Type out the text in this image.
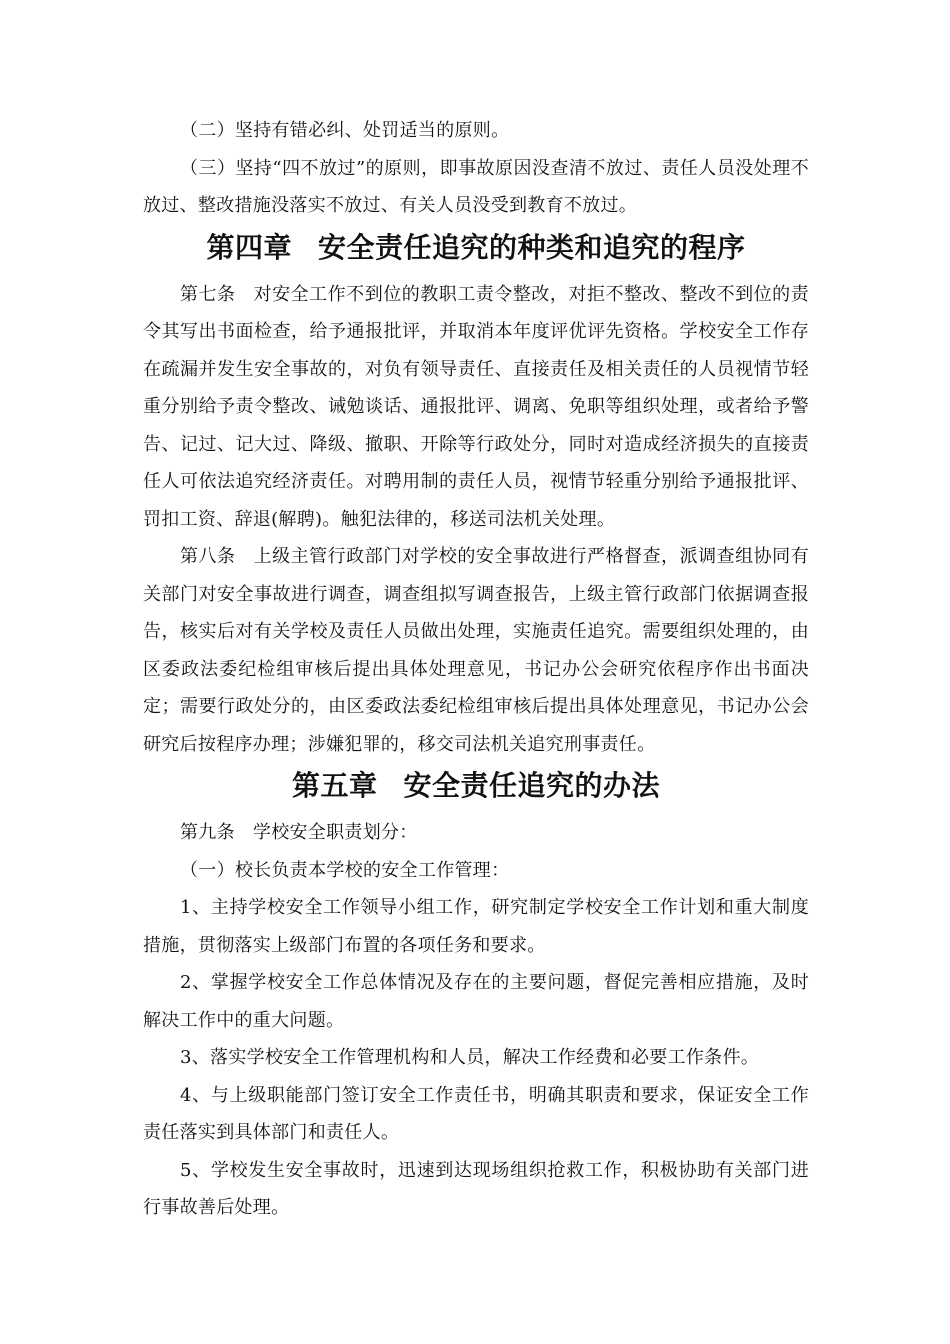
（二）坚持有错必纠、处罚适当的原则。

（三）坚持“四不放过”的原则，即事故原因没查清不放过、责任人员没处理不放过、整改措施没落实不放过、有关人员没受到教育不放过。

第四章 安全责任追究的种类和追究的程序

第七条 对安全工作不到位的教职工责令整改，对拒不整改、整改不到位的责令其写出书面检查，给予通报批评，并取消本年度评优评先资格。学校安全工作存在疏漏并发生安全事故的，对负有领导责任、直接责任及相关责任的人员视情节轻重分别给予责令整改、诫勉谈话、通报批评、调离、免职等组织处理，或者给予警告、记过、记大过、降级、撤职、开除等行政处分，同时对造成经济损失的直接责任人可依法追究经济责任。对聘用制的责任人员，视情节轻重分别给予通报批评、罚扣工资、辞退(解聘)。触犯法律的，移送司法机关处理。

第八条 上级主管行政部门对学校的安全事故进行严格督查，派调查组协同有关部门对安全事故进行调查，调查组拟写调查报告，上级主管行政部门依据调查报告，核实后对有关学校及责任人员做出处理，实施责任追究。需要组织处理的，由区委政法委纪检组审核后提出具体处理意见，书记办公会研究依程序作出书面决定；需要行政处分的，由区委政法委纪检组审核后提出具体处理意见，书记办公会研究后按程序办理；涉嫌犯罪的，移交司法机关追究刑事责任。

第五章 安全责任追究的办法

第九条 学校安全职责划分：

（一）校长负责本学校的安全工作管理：

1、主持学校安全工作领导小组工作，研究制定学校安全工作计划和重大制度措施，贯彻落实上级部门布置的各项任务和要求。

2、掌握学校安全工作总体情况及存在的主要问题，督促完善相应措施，及时解决工作中的重大问题。

3、落实学校安全工作管理机构和人员，解决工作经费和必要工作条件。

4、与上级职能部门签订安全工作责任书，明确其职责和要求，保证安全工作责任落实到具体部门和责任人。

5、学校发生安全事故时，迅速到达现场组织抢救工作，积极协助有关部门进行事故善后处理。
